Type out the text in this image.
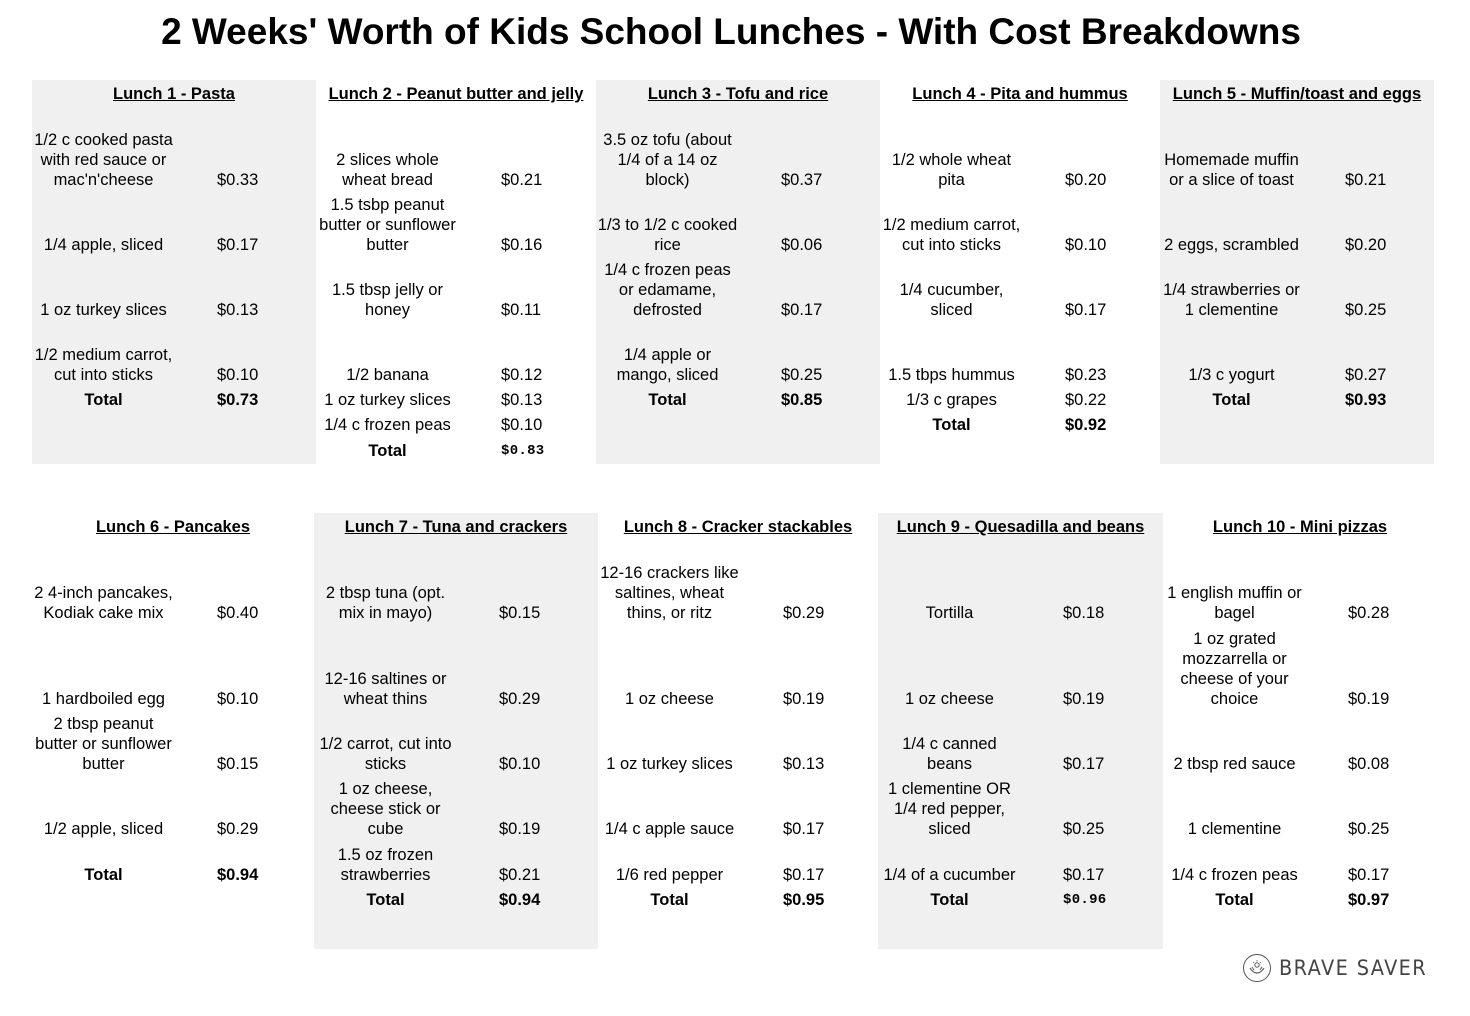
2 Weeks' Worth of Kids School Lunches - With Cost Breakdowns
Lunch 1 - Pasta
1/2 c cooked pasta with red sauce or mac'n'cheese	$0.33
1/4 apple, sliced	$0.17
1 oz turkey slices	$0.13
1/2 medium carrot, cut into sticks	$0.10
Total	$0.73
Lunch 2 - Peanut butter and jelly
2 slices whole wheat bread	$0.21
1.5 tsbp peanut butter or sunflower butter	$0.16
1.5 tbsp jelly or honey	$0.11
1/2 banana	$0.12
1 oz turkey slices	$0.13
1/4 c frozen peas	$0.10
Total	$0.83
Lunch 3 - Tofu and rice
3.5 oz tofu (about 1/4 of a 14 oz block)	$0.37
1/3 to 1/2 c cooked rice	$0.06
1/4 c frozen peas or edamame, defrosted	$0.17
1/4 apple or mango, sliced	$0.25
Total	$0.85
Lunch 4 - Pita and hummus
1/2 whole wheat pita	$0.20
1/2 medium carrot, cut into sticks	$0.10
1/4 cucumber, sliced	$0.17
1.5 tbps hummus	$0.23
1/3 c grapes	$0.22
Total	$0.92
Lunch 5 - Muffin/toast and eggs
Homemade muffin or a slice of toast	$0.21
2 eggs, scrambled	$0.20
1/4 strawberries or 1 clementine	$0.25
1/3 c yogurt	$0.27
Total	$0.93
Lunch 6 - Pancakes
2 4-inch pancakes, Kodiak cake mix	$0.40
1 hardboiled egg	$0.10
2 tbsp peanut butter or sunflower butter	$0.15
1/2 apple, sliced	$0.29
Total	$0.94
Lunch 7 - Tuna and crackers
2 tbsp tuna (opt. mix in mayo)	$0.15
12-16 saltines or wheat thins	$0.29
1/2 carrot, cut into sticks	$0.10
1 oz cheese, cheese stick or cube	$0.19
1.5 oz frozen strawberries	$0.21
Total	$0.94
Lunch 8 - Cracker stackables
12-16 crackers like saltines, wheat thins, or ritz	$0.29
1 oz cheese	$0.19
1 oz turkey slices	$0.13
1/4 c apple sauce	$0.17
1/6 red pepper	$0.17
Total	$0.95
Lunch 9 - Quesadilla and beans
Tortilla	$0.18
1 oz cheese	$0.19
1/4 c canned beans	$0.17
1 clementine OR 1/4 red pepper, sliced	$0.25
1/4 of a cucumber	$0.17
Total	$0.96
Lunch 10 - Mini pizzas
1 english muffin or bagel	$0.28
1 oz grated mozzarrella or cheese of your choice	$0.19
2 tbsp red sauce	$0.08
1 clementine	$0.25
1/4 c frozen peas	$0.17
Total	$0.97
BRAVE SAVER
